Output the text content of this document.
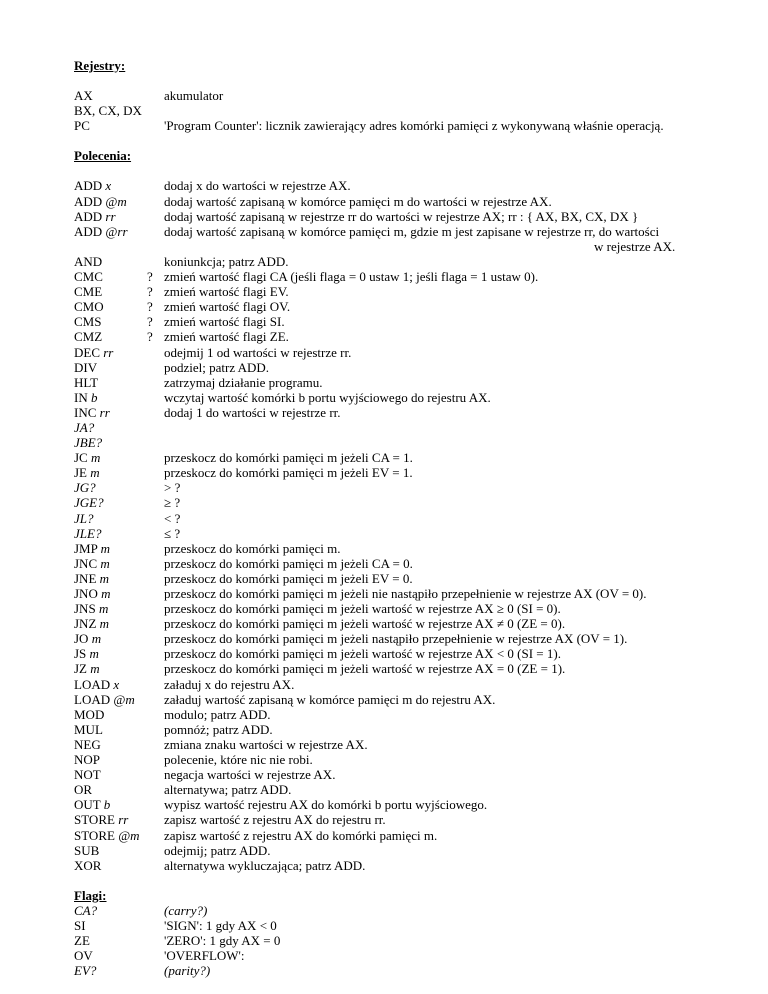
Rejestry:
AX	akumulator
BX, CX, DX
PC	'Program Counter': licznik zawierający adres komórki pamięci z wykonywaną właśnie operacją.
Polecenia:
ADD x	dodaj x do wartości w rejestrze AX.
ADD @m	dodaj wartość zapisaną w komórce pamięci m do wartości w rejestrze AX.
ADD rr	dodaj wartość zapisaną w rejestrze rr do wartości w rejestrze AX; rr : { AX, BX, CX, DX }
ADD @rr	dodaj wartość zapisaną w komórce pamięci m, gdzie m jest zapisane w rejestrze rr, do wartości
w rejestrze AX.
AND	koniunkcja; patrz ADD.
CMC	? zmień wartość flagi CA (jeśli flaga = 0 ustaw 1; jeśli flaga = 1 ustaw 0).
CME	? zmień wartość flagi EV.
CMO	? zmień wartość flagi OV.
CMS	? zmień wartość flagi SI.
CMZ	? zmień wartość flagi ZE.
DEC rr	odejmij 1 od wartości w rejestrze rr.
DIV	podziel; patrz ADD.
HLT	zatrzymaj działanie programu.
IN b	wczytaj wartość komórki b portu wyjściowego do rejestru AX.
INC rr	dodaj 1 do wartości w rejestrze rr.
JA?
JBE?
JC m	przeskocz do komórki pamięci m jeżeli CA = 1.
JE m	przeskocz do komórki pamięci m jeżeli EV = 1.
JG?	> ?
JGE?	≥ ?
JL?	< ?
JLE?	≤ ?
JMP m	przeskocz do komórki pamięci m.
JNC m	przeskocz do komórki pamięci m jeżeli CA = 0.
JNE m	przeskocz do komórki pamięci m jeżeli EV = 0.
JNO m	przeskocz do komórki pamięci m jeżeli nie nastąpiło przepełnienie w rejestrze AX (OV = 0).
JNS m	przeskocz do komórki pamięci m jeżeli wartość w rejestrze AX ≥ 0 (SI = 0).
JNZ m	przeskocz do komórki pamięci m jeżeli wartość w rejestrze AX ≠ 0 (ZE = 0).
JO m	przeskocz do komórki pamięci m jeżeli nastąpiło przepełnienie w rejestrze AX (OV = 1).
JS m	przeskocz do komórki pamięci m jeżeli wartość w rejestrze AX < 0 (SI = 1).
JZ m	przeskocz do komórki pamięci m jeżeli wartość w rejestrze AX = 0 (ZE = 1).
LOAD x	załaduj x do rejestru AX.
LOAD @m	załaduj wartość zapisaną w komórce pamięci m do rejestru AX.
MOD	modulo; patrz ADD.
MUL	pomnóż; patrz ADD.
NEG	zmiana znaku wartości w rejestrze AX.
NOP	polecenie, które nic nie robi.
NOT	negacja wartości w rejestrze AX.
OR	alternatywa; patrz ADD.
OUT b	wypisz wartość rejestru AX do komórki b portu wyjściowego.
STORE rr	zapisz wartość z rejestru AX do rejestru rr.
STORE @m	zapisz wartość z rejestru AX do komórki pamięci m.
SUB	odejmij; patrz ADD.
XOR	alternatywa wykluczająca; patrz ADD.
Flagi:
CA?	(carry?)
SI	'SIGN': 1 gdy AX < 0
ZE	'ZERO': 1 gdy AX = 0
OV	'OVERFLOW':
EV?	(parity?)
